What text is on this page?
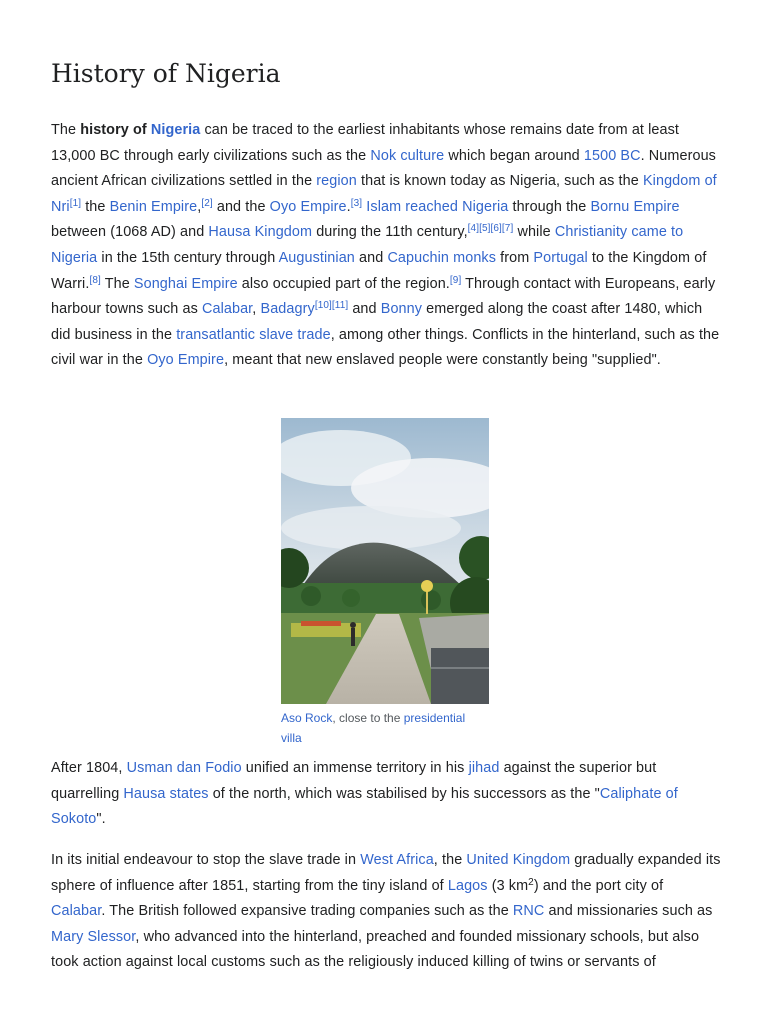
History of Nigeria

The history of Nigeria can be traced to the earliest inhabitants whose remains date from at least 13,000 BC through early civilizations such as the Nok culture which began around 1500 BC. Numerous ancient African civilizations settled in the region that is known today as Nigeria, such as the Kingdom of Nri[1] the Benin Empire,[2] and the Oyo Empire.[3] Islam reached Nigeria through the Bornu Empire between (1068 AD) and Hausa Kingdom during the 11th century,[4][5][6][7] while Christianity came to Nigeria in the 15th century through Augustinian and Capuchin monks from Portugal to the Kingdom of Warri.[8] The Songhai Empire also occupied part of the region.[9] Through contact with Europeans, early harbour towns such as Calabar, Badagry[10][11] and Bonny emerged along the coast after 1480, which did business in the transatlantic slave trade, among other things. Conflicts in the hinterland, such as the civil war in the Oyo Empire, meant that new enslaved people were constantly being "supplied".

Aso Rock, close to the presidential villa

After 1804, Usman dan Fodio unified an immense territory in his jihad against the superior but quarrelling Hausa states of the north, which was stabilised by his successors as the "Caliphate of Sokoto".

In its initial endeavour to stop the slave trade in West Africa, the United Kingdom gradually expanded its sphere of influence after 1851, starting from the tiny island of Lagos (3 $km^2$) and the port city of Calabar. The British followed expansive trading companies such as the RNC and missionaries such as Mary Slessor, who advanced into the hinterland, preached and founded missionary schools, but also took action against local customs such as the religiously induced killing of twins or servants of
